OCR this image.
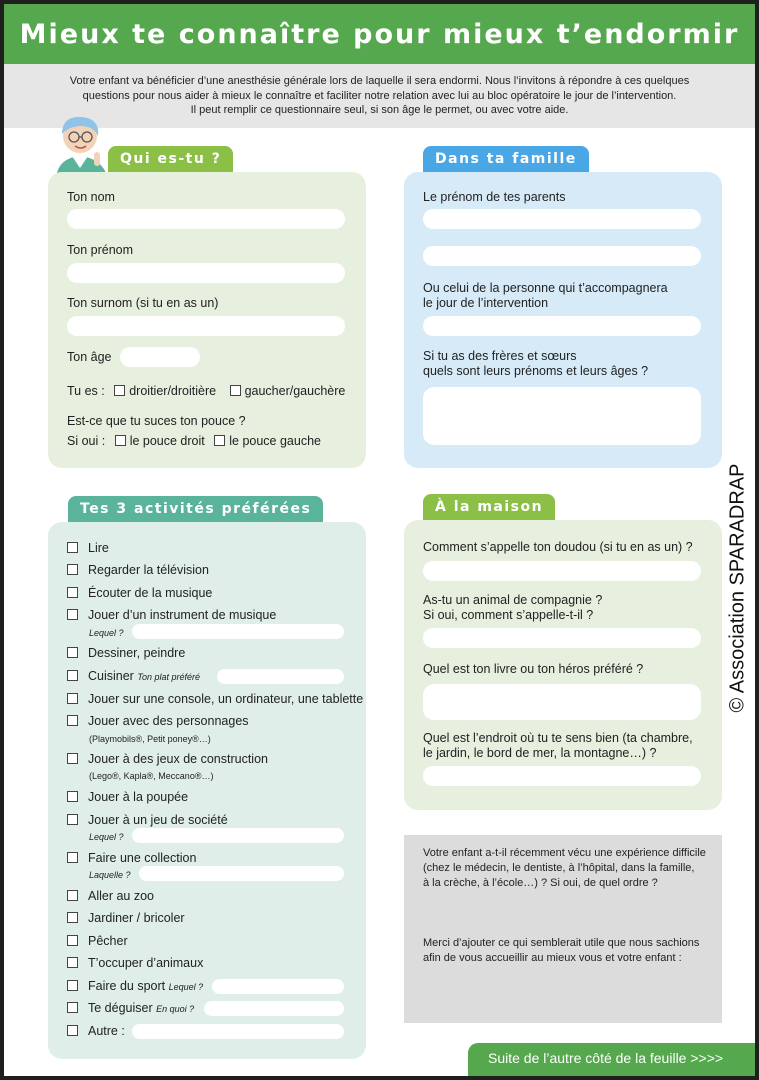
Mieux te connaître pour mieux t’endormir
Votre enfant va bénéficier d’une anesthésie générale lors de laquelle il sera endormi. Nous l’invitons à répondre à ces quelques
questions pour nous aider à mieux le connaître et faciliter notre relation avec lui au bloc opératoire le jour de l’intervention.
Il peut remplir ce questionnaire seul, si son âge le permet, ou avec votre aide.
Qui es-tu ?
Ton nom
Ton prénom
Ton surnom (si tu en as un)
Ton âge
Tu es : droitier/droitière gaucher/gauchère
Est-ce que tu suces ton pouce ?
Si oui : le pouce droit le pouce gauche
Dans ta famille
Le prénom de tes parents
Ou celui de la personne qui t’accompagnera
le jour de l’intervention
Si tu as des frères et sœurs
quels sont leurs prénoms et leurs âges ?
Tes 3 activités préférées
Lire
Regarder la télévision
Écouter de la musique
Jouer d’un instrument de musique
Lequel ?
Dessiner, peindre
Cuisiner Ton plat préféré
Jouer sur une console, un ordinateur, une tablette
Jouer avec des personnages
(Playmobils®, Petit poney®…)
Jouer à des jeux de construction
(Lego®, Kapla®, Meccano®…)
Jouer à la poupée
Jouer à un jeu de société
Lequel ?
Faire une collection
Laquelle ?
Aller au zoo
Jardiner / bricoler
Pêcher
T’occuper d’animaux
Faire du sport Lequel ?
Te déguiser En quoi ?
Autre :
À la maison
Comment s’appelle ton doudou (si tu en as un) ?
As-tu un animal de compagnie ?
Si oui, comment s’appelle-t-il ?
Quel est ton livre ou ton héros préféré ?
Quel est l’endroit où tu te sens bien (ta chambre,
le jardin, le bord de mer, la montagne…) ?
Votre enfant a-t-il récemment vécu une expérience difficile
(chez le médecin, le dentiste, à l’hôpital, dans la famille,
à la crèche, à l’école…) ? Si oui, de quel ordre ?
Merci d’ajouter ce qui semblerait utile que nous sachions
afin de vous accueillir au mieux vous et votre enfant :
© Association SPARADRAP
Suite de l’autre côté de la feuille >>>>
